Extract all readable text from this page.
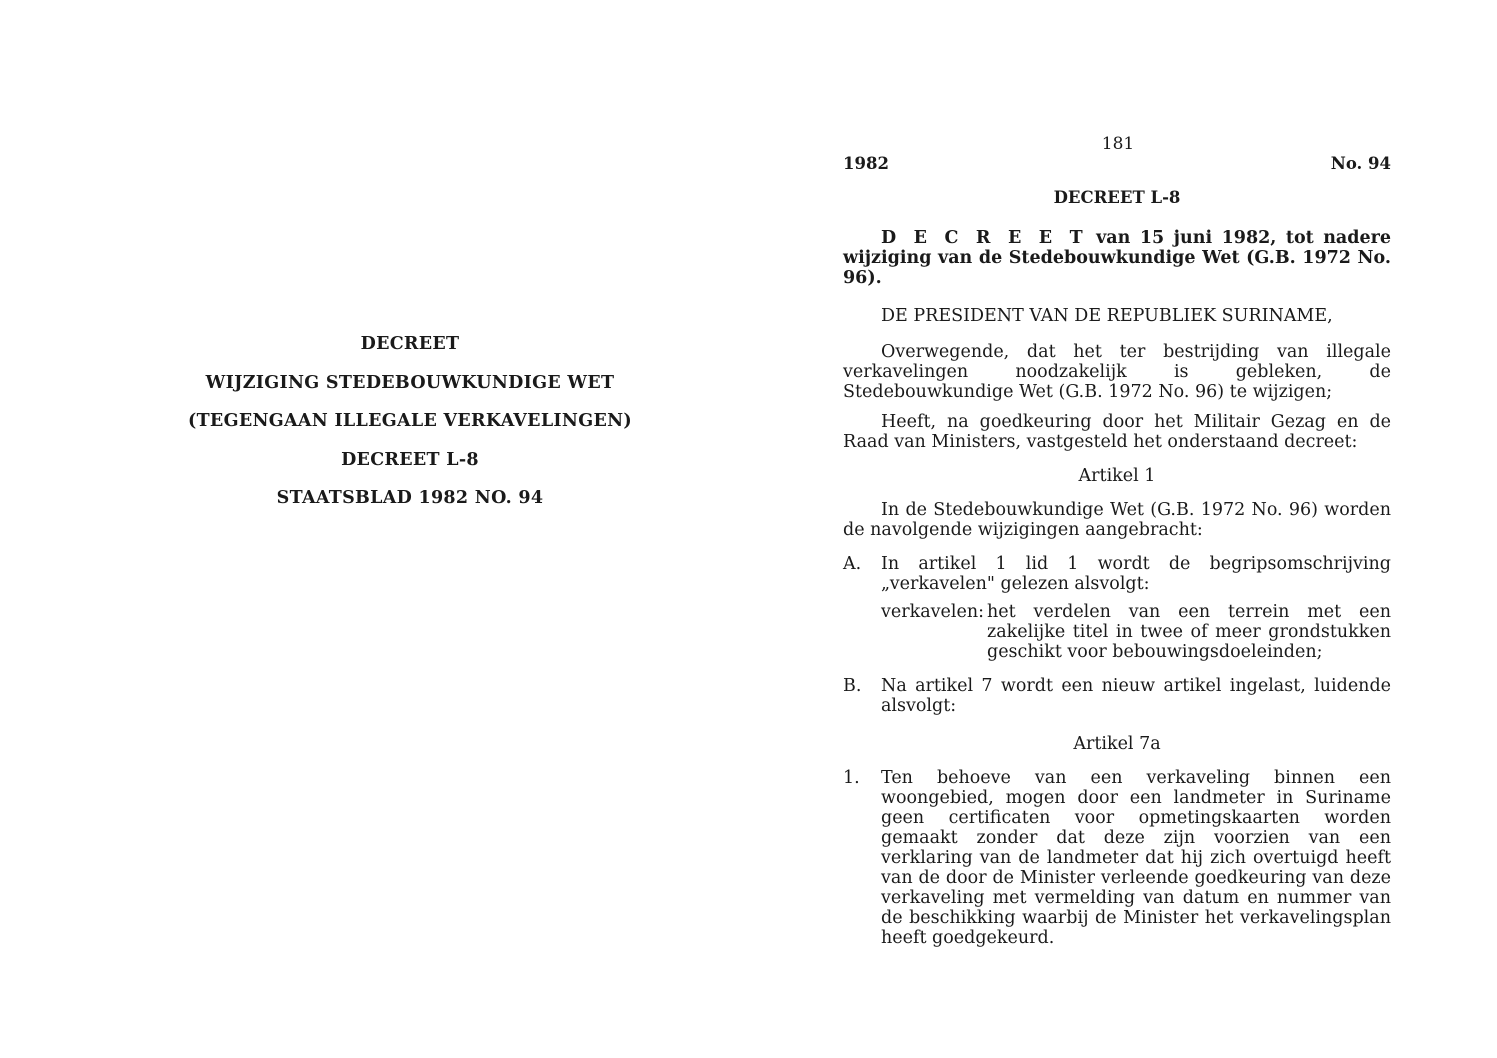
DECREET
WIJZIGING STEDEBOUWKUNDIGE WET
(TEGENGAAN ILLEGALE VERKAVELINGEN)
DECREET L-8
STAATSBLAD 1982 NO. 94
181
1982	No. 94
DECREET L-8

D E C R E E T van 15 juni 1982, tot nadere wijziging van de Stedebouwkundige Wet (G.B. 1972 No. 96).

DE PRESIDENT VAN DE REPUBLIEK SURINAME,

Overwegende, dat het ter bestrijding van illegale verkavelingen noodzakelijk is gebleken, de Stedebouwkundige Wet (G.B. 1972 No. 96) te wijzigen;

Heeft, na goedkeuring door het Militair Gezag en de Raad van Ministers, vastgesteld het onderstaand decreet:

Artikel 1

In de Stedebouwkundige Wet (G.B. 1972 No. 96) worden de navolgende wijzigingen aangebracht:

A.	In artikel 1 lid 1 wordt de begripsomschrijving „verkavelen" gelezen alsvolgt:
verkavelen: het verdelen van een terrein met een zakelijke titel in twee of meer grondstukken geschikt voor bebouwingsdoeleinden;
B.	Na artikel 7 wordt een nieuw artikel ingelast, luidende alsvolgt:
Artikel 7a
1.	Ten behoeve van een verkaveling binnen een woongebied, mogen door een landmeter in Suriname geen certificaten voor opmetingskaarten worden gemaakt zonder dat deze zijn voorzien van een verklaring van de landmeter dat hij zich overtuigd heeft van de door de Minister verleende goedkeuring van deze verkaveling met vermelding van datum en nummer van de beschikking waarbij de Minister het verkavelingsplan heeft goedgekeurd.
